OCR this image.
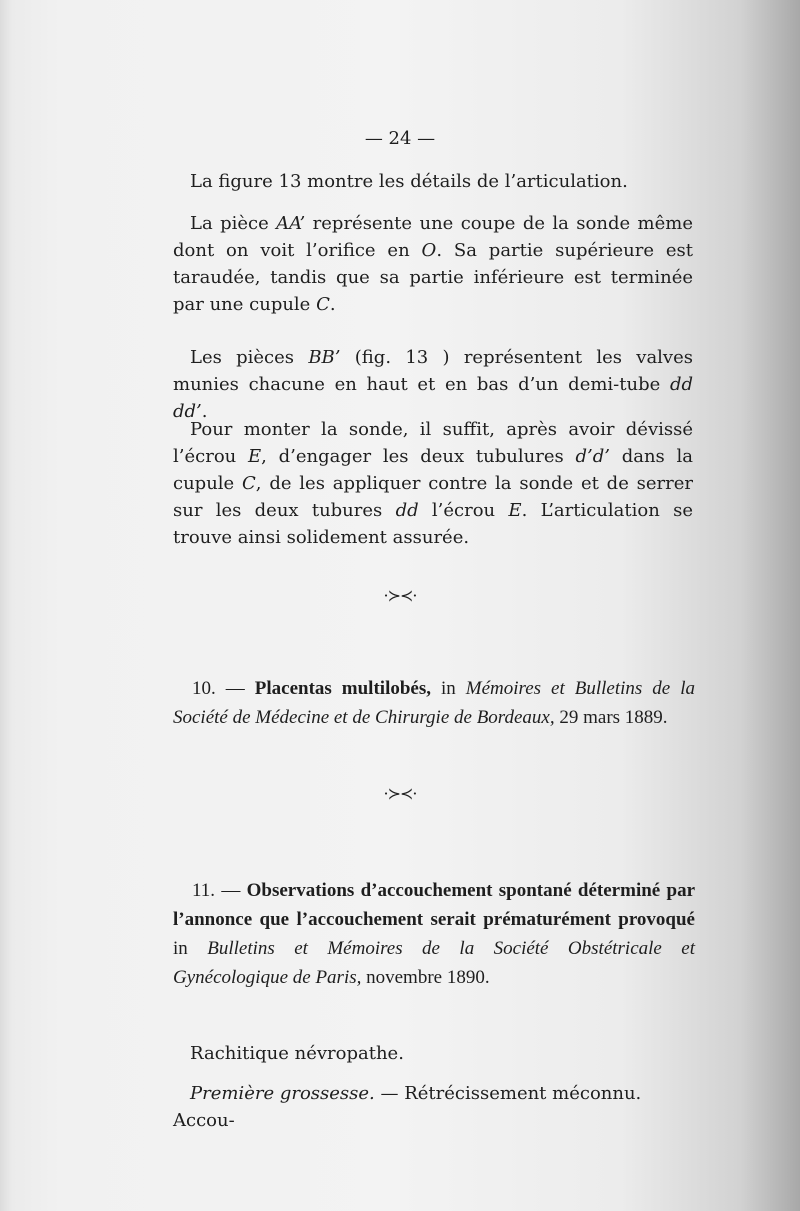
— 24 —
La figure 13 montre les détails de l’articulation.
La pièce AA’ représente une coupe de la sonde même dont on voit l’orifice en O. Sa partie supérieure est taraudée, tandis que sa partie inférieure est terminée par une cupule C.
Les pièces BB’ (fig. 13 ) représentent les valves munies chacune en haut et en bas d’un demi-tube dd dd’.
Pour monter la sonde, il suffit, après avoir dévissé l’écrou E, d’engager les deux tubulures d’d’ dans la cupule C, de les appliquer contre la sonde et de serrer sur les deux tubures dd l’écrou E. L’articulation se trouve ainsi solidement assurée.
·≻≺·
10. — Placentas multilobés, in Mémoires et Bulletins de la Société de Médecine et de Chirurgie de Bordeaux, 29 mars 1889.
·≻≺·
11. — Observations d’accouchement spontané déterminé par l’annonce que l’accouchement serait prématurément provoqué in Bulletins et Mémoires de la Société Obstétricale et Gynécologique de Paris, novembre 1890.
Rachitique névropathe.
Première grossesse. — Rétrécissement méconnu. Accou-
